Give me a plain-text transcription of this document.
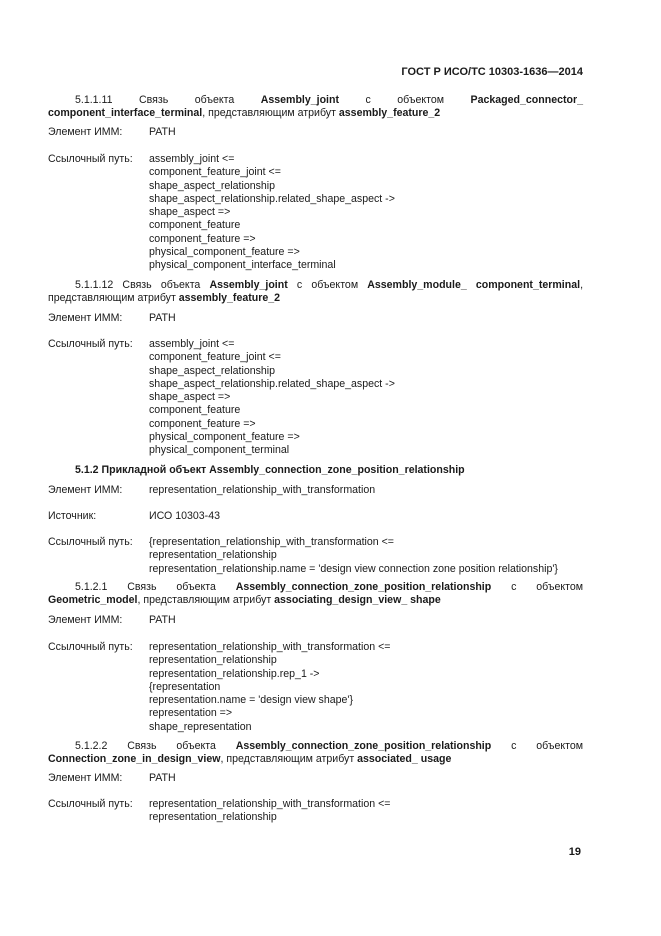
ГОСТ Р ИСО/ТС 10303-1636—2014
5.1.1.11 Связь объекта Assembly_joint с объектом Packaged_connector_ component_interface_terminal, представляющим атрибут assembly_feature_2
Элемент ИММ:	PATH
Ссылочный путь: assembly_joint <=
component_feature_joint <=
shape_aspect_relationship
shape_aspect_relationship.related_shape_aspect ->
shape_aspect =>
component_feature
component_feature =>
physical_component_feature =>
physical_component_interface_terminal
5.1.1.12 Связь объекта Assembly_joint с объектом Assembly_module_ component_terminal, представляющим атрибут assembly_feature_2
Элемент ИММ:	PATH
Ссылочный путь: assembly_joint <=
component_feature_joint <=
shape_aspect_relationship
shape_aspect_relationship.related_shape_aspect ->
shape_aspect =>
component_feature
component_feature =>
physical_component_feature =>
physical_component_terminal
5.1.2 Прикладной объект Assembly_connection_zone_position_relationship
Элемент ИММ:	representation_relationship_with_transformation
Источник:	ИСО 10303-43
Ссылочный путь: {representation_relationship_with_transformation <=
representation_relationship
representation_relationship.name = 'design view connection zone position relationship'}
5.1.2.1 Связь объекта Assembly_connection_zone_position_relationship с объектом Geometric_model, представляющим атрибут associating_design_view_ shape
Элемент ИММ:	PATH
Ссылочный путь: representation_relationship_with_transformation <=
representation_relationship
representation_relationship.rep_1 ->
{representation
representation.name = 'design view shape'}
representation =>
shape_representation
5.1.2.2 Связь объекта Assembly_connection_zone_position_relationship с объектом Connection_zone_in_design_view, представляющим атрибут associated_ usage
Элемент ИММ:	PATH
Ссылочный путь: representation_relationship_with_transformation <=
representation_relationship
19
